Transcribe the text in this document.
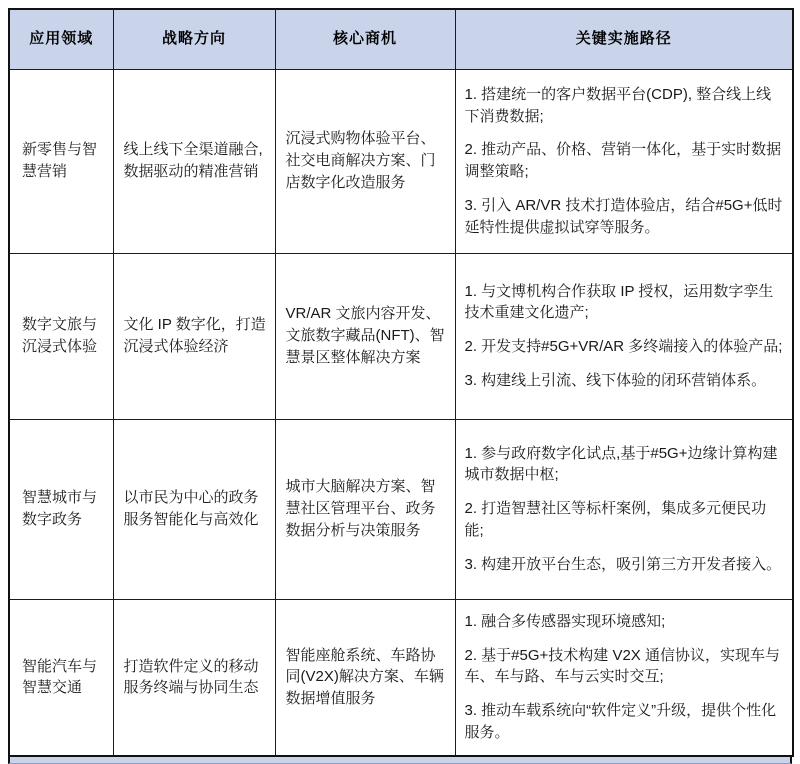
应用领域	战略方向	核心商机	关键实施路径
新零售与智慧营销	线上线下全渠道融合,数据驱动的精准营销	沉浸式购物体验平台、社交电商解决方案、门店数字化改造服务	1. 搭建统一的客户数据平台(CDP), 整合线上线下消费数据;

2. 推动产品、价格、营销一体化，基于实时数据调整策略;

3. 引入 AR/VR 技术打造体验店，结合#5G+低时延特性提供虚拟试穿等服务。

数字文旅与沉浸式体验	文化 IP 数字化，打造沉浸式体验经济	VR/AR 文旅内容开发、文旅数字藏品(NFT)、智慧景区整体解决方案	1. 与文博机构合作获取 IP 授权，运用数字孪生技术重建文化遗产;

2. 开发支持#5G+VR/AR 多终端接入的体验产品;

3. 构建线上引流、线下体验的闭环营销体系。

智慧城市与数字政务	以市民为中心的政务服务智能化与高效化	城市大脑解决方案、智慧社区管理平台、政务数据分析与决策服务	1. 参与政府数字化试点,基于#5G+边缘计算构建城市数据中枢;

2. 打造智慧社区等标杆案例，集成多元便民功能;

3. 构建开放平台生态，吸引第三方开发者接入。

智能汽车与智慧交通	打造软件定义的移动服务终端与协同生态	智能座舱系统、车路协同(V2X)解决方案、车辆数据增值服务	1. 融合多传感器实现环境感知;

2. 基于#5G+技术构建 V2X 通信协议，实现车与车、车与路、车与云实时交互;

3. 推动车载系统向“软件定义”升级，提供个性化服务。
